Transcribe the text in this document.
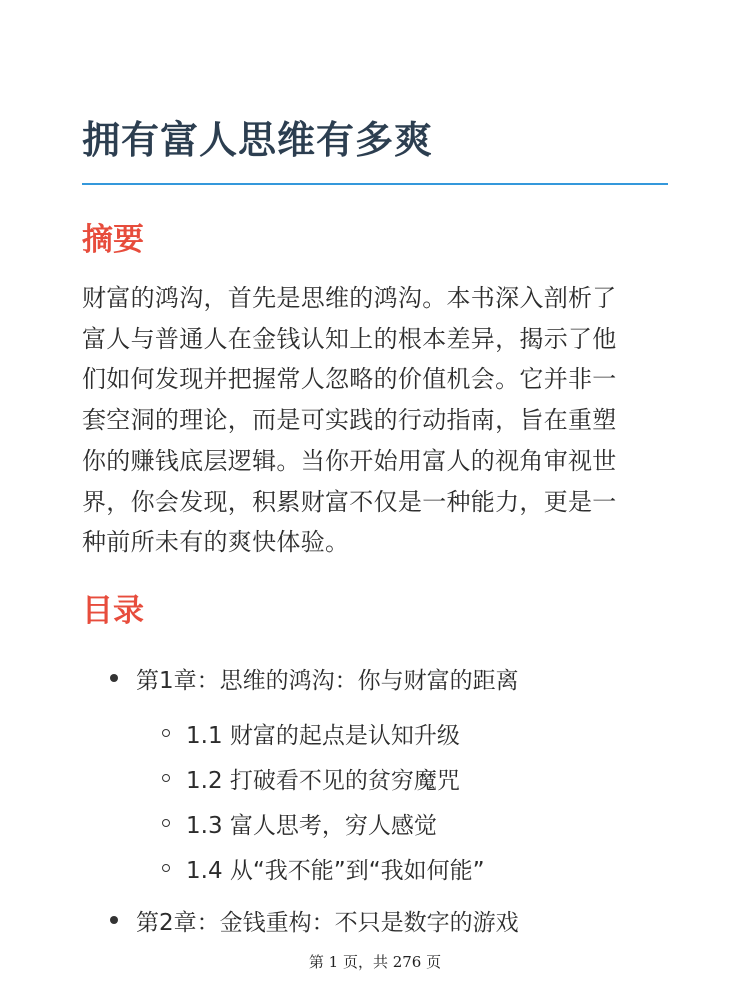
拥有富人思维有多爽
摘要

财富的鸿沟，首先是思维的鸿沟。本书深入剖析了
富人与普通人在金钱认知上的根本差异，揭示了他
们如何发现并把握常人忽略的价值机会。它并非一
套空洞的理论，而是可实践的行动指南，旨在重塑
你的赚钱底层逻辑。当你开始用富人的视角审视世
界，你会发现，积累财富不仅是一种能力，更是一
种前所未有的爽快体验。

目录
第1章：思维的鸿沟：你与财富的距离
1.1 财富的起点是认知升级
1.2 打破看不见的贫穷魔咒
1.3 富人思考，穷人感觉
1.4 从“我不能”到“我如何能”
第2章：金钱重构：不只是数字的游戏
第 1 页，共 276 页
